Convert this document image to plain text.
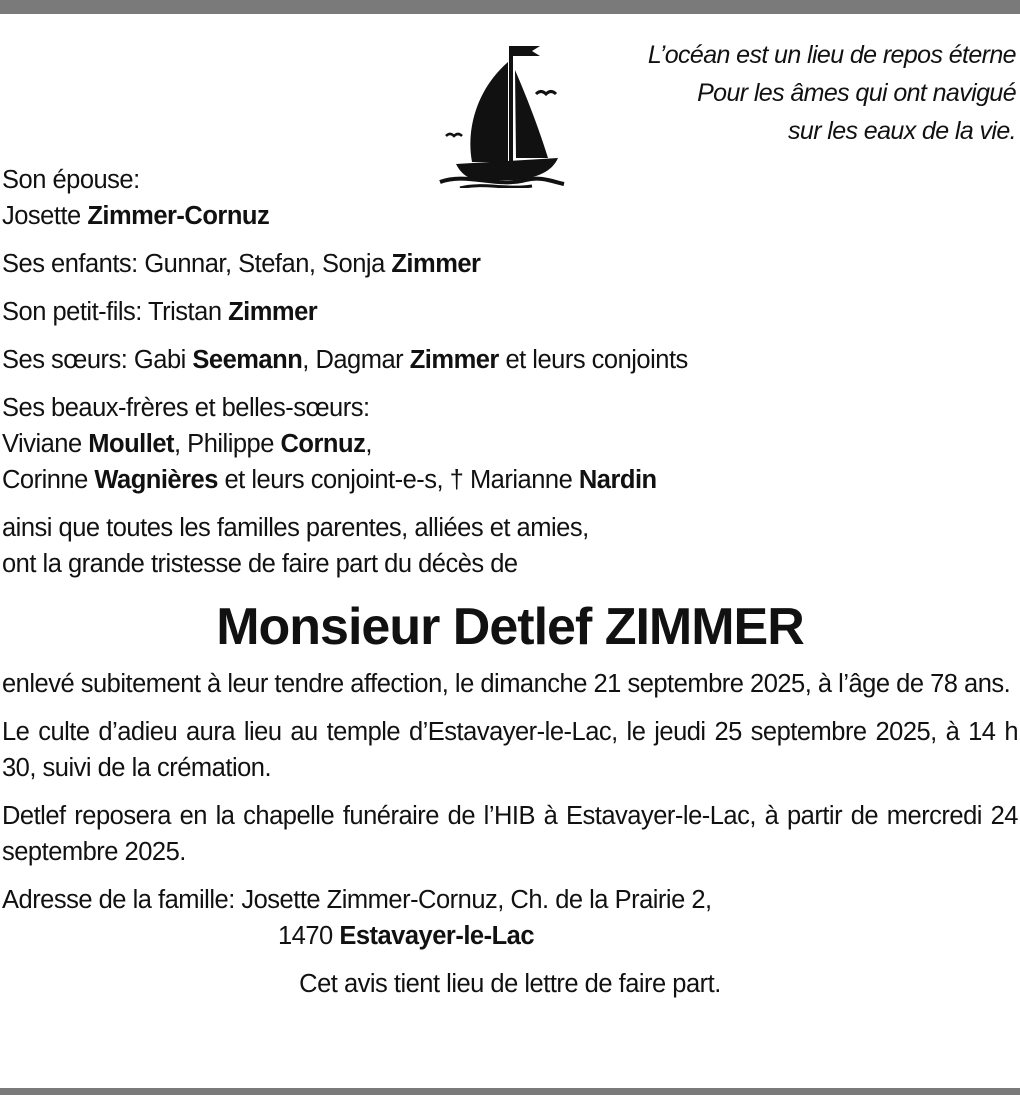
L’océan est un lieu de repos éterne
Pour les âmes qui ont navigué
sur les eaux de la vie.
Son épouse:
Josette Zimmer-Cornuz
Ses enfants: Gunnar, Stefan, Sonja Zimmer
Son petit-fils: Tristan Zimmer
Ses sœurs: Gabi Seemann, Dagmar Zimmer et leurs conjoints
Ses beaux-frères et belles-sœurs:
Viviane Moullet, Philippe Cornuz,
Corinne Wagnières et leurs conjoint-e-s, † Marianne Nardin
ainsi que toutes les familles parentes, alliées et amies,
ont la grande tristesse de faire part du décès de
Monsieur Detlef ZIMMER
enlevé subitement à leur tendre affection, le dimanche 21 septembre 2025, à l’âge de 78 ans.
Le culte d’adieu aura lieu au temple d’Estavayer-le-Lac, le jeudi 25 septembre 2025, à 14 h 30, suivi de la crémation.
Detlef reposera en la chapelle funéraire de l’HIB à Estavayer-le-Lac, à partir de mercredi 24 septembre 2025.
Adresse de la famille: Josette Zimmer-Cornuz, Ch. de la Prairie 2,
1470 Estavayer-le-Lac
Cet avis tient lieu de lettre de faire part.
